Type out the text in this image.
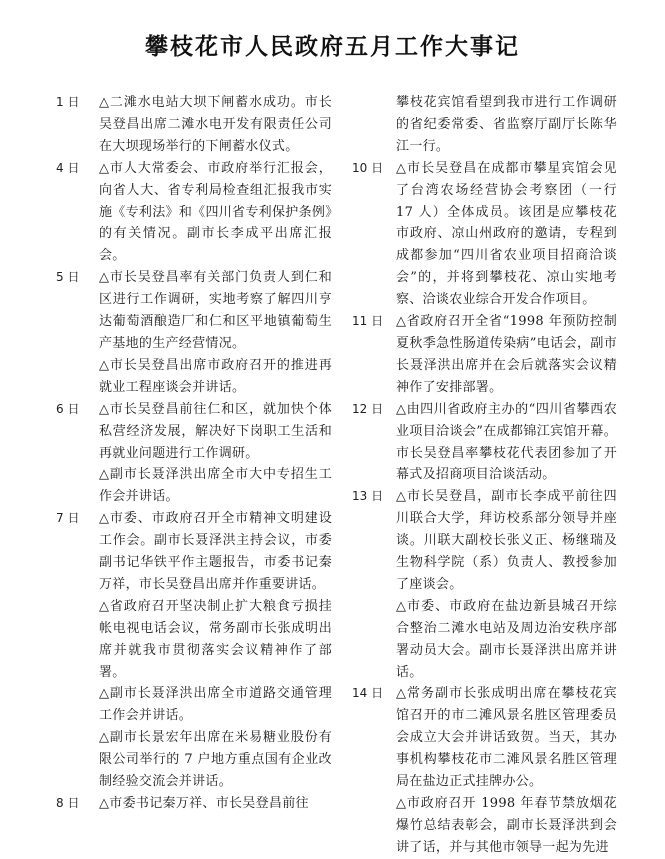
攀枝花市人民政府五月工作大事记
1 日	△二滩水电站大坝下闸蓄水成功。市长吴登昌出席二滩水电开发有限责任公司在大坝现场举行的下闸蓄水仪式。

4 日	△市人大常委会、市政府举行汇报会，向省人大、省专利局检查组汇报我市实施《专利法》和《四川省专利保护条例》的有关情况。副市长李成平出席汇报会。

5 日	△市长吴登昌率有关部门负责人到仁和区进行工作调研，实地考察了解四川亨达葡萄酒酿造厂和仁和区平地镇葡萄生产基地的生产经营情况。

△市长吴登昌出席市政府召开的推进再就业工程座谈会并讲话。

6 日	△市长吴登昌前往仁和区，就加快个体私营经济发展，解决好下岗职工生活和再就业问题进行工作调研。

△副市长聂泽洪出席全市大中专招生工作会并讲话。

7 日	△市委、市政府召开全市精神文明建设工作会。副市长聂泽洪主持会议，市委副书记华铁平作主题报告，市委书记秦万祥，市长吴登昌出席并作重要讲话。

△省政府召开坚决制止扩大粮食亏损挂帐电视电话会议，常务副市长张成明出席并就我市贯彻落实会议精神作了部署。

△副市长聂泽洪出席全市道路交通管理工作会并讲话。

△副市长景宏年出席在米易糖业股份有限公司举行的 7 户地方重点国有企业改制经验交流会并讲话。

8 日	△市委书记秦万祥、市长吴登昌前往

攀枝花宾馆看望到我市进行工作调研的省纪委常委、省监察厅副厅长陈华江一行。

10 日 △市长吴登昌在成都市攀星宾馆会见了台湾农场经营协会考察团（一行 17 人）全体成员。该团是应攀枝花市政府、凉山州政府的邀请，专程到成都参加“四川省农业项目招商洽谈会”的，并将到攀枝花、凉山实地考察、洽谈农业综合开发合作项目。

11 日 △省政府召开全省“1998 年预防控制夏秋季急性肠道传染病”电话会，副市长聂泽洪出席并在会后就落实会议精神作了安排部署。

12 日 △由四川省政府主办的“四川省攀西农业项目洽谈会”在成都锦江宾馆开幕。市长吴登昌率攀枝花代表团参加了开幕式及招商项目洽谈活动。

13 日 △市长吴登昌，副市长李成平前往四川联合大学，拜访校系部分领导并座谈。川联大副校长张义正、杨继瑞及生物科学院（系）负责人、教授参加了座谈会。

△市委、市政府在盐边新县城召开综合整治二滩水电站及周边治安秩序部署动员大会。副市长聂泽洪出席并讲话。

14 日 △常务副市长张成明出席在攀枝花宾馆召开的市二滩风景名胜区管理委员会成立大会并讲话致贺。当天，其办事机构攀枝花市二滩风景名胜区管理局在盐边正式挂牌办公。

△市政府召开 1998 年春节禁放烟花爆竹总结表彰会，副市长聂泽洪到会讲了话，并与其他市领导一起为先进
